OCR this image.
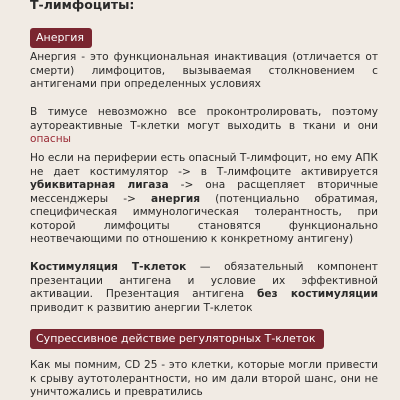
Т-лимфоциты:
Анергия

Анергия - это функциональная инактивация (отличается от смерти) лимфоцитов, вызываемая столкновением с антигенами при определенных условиях

В тимусе невозможно все проконтролировать, поэтому аутореактивные Т-клетки могут выходить в ткани и они опасны

Но если на периферии есть опасный Т-лимфоцит, но ему АПК не дает костимулятор -> в Т-лимфоците активируется убиквитарная лигаза -> она расщепляет вторичные мессенджеры -> анергия (потенциально обратимая, специфическая иммунологическая толерантность, при которой лимфоциты становятся функционально неотвечающими по отношению к конкретному антигену)

Костимуляция Т-клеток — обязательный компонент презентации антигена и условие их эффективной активации. Презентация антигена без костимуляции приводит к развитию анергии Т-клеток

Супрессивное действие регуляторных Т-клеток

Как мы помним, CD 25 - это клетки, которые могли привести к срыву аутотолерантности, но им дали второй шанс, они не уничтожались и превратились
